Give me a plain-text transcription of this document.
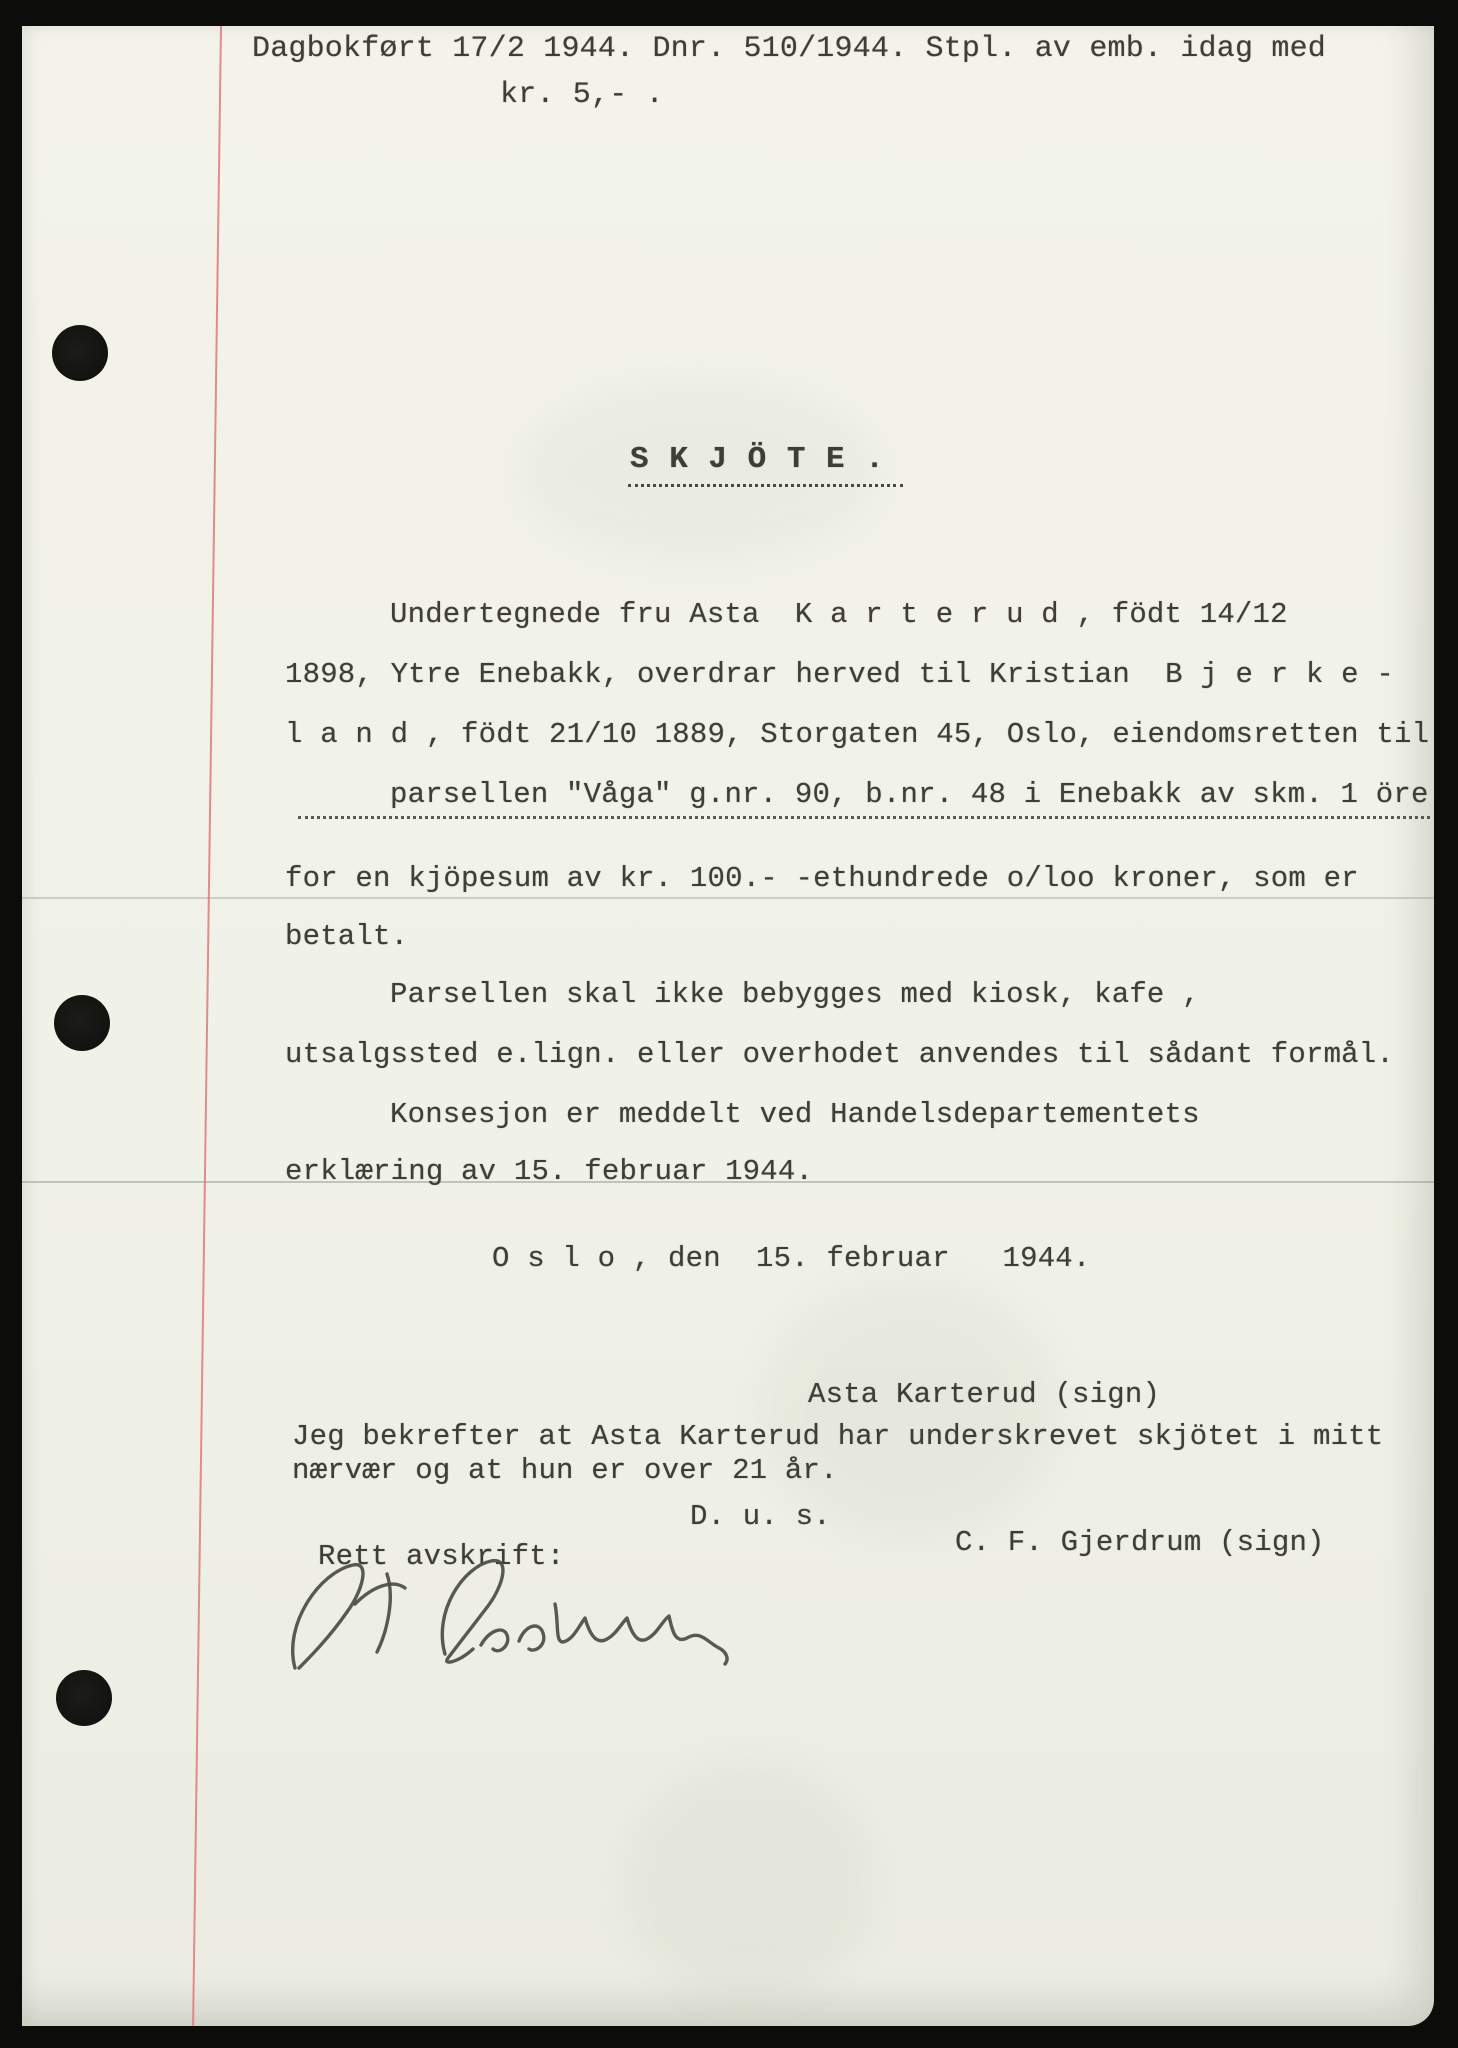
Dagbokført 17/2 1944. Dnr. 510/1944. Stpl. av emb. idag med
kr. 5,- .
S K J Ö T E .
Undertegnede fru Asta  K a r t e r u d , födt 14/12
1898, Ytre Enebakk, overdrar herved til Kristian  B j e r k e -
l a n d , födt 21/10 1889, Storgaten 45, Oslo, eiendomsretten til
parsellen "Våga" g.nr. 90, b.nr. 48 i Enebakk av skm. 1 öre
for en kjöpesum av kr. 100.- -ethundrede o/loo kroner, som er
betalt.
Parsellen skal ikke bebygges med kiosk, kafe ,
utsalgssted e.lign. eller overhodet anvendes til sådant formål.
Konsesjon er meddelt ved Handelsdepartementets
erklæring av 15. februar 1944.
O s l o , den  15. februar   1944.
Asta Karterud (sign)
Jeg bekrefter at Asta Karterud har underskrevet skjötet i mitt
nærvær og at hun er over 21 år.
D. u. s.
Rett avskrift:	C. F. Gjerdrum (sign)
